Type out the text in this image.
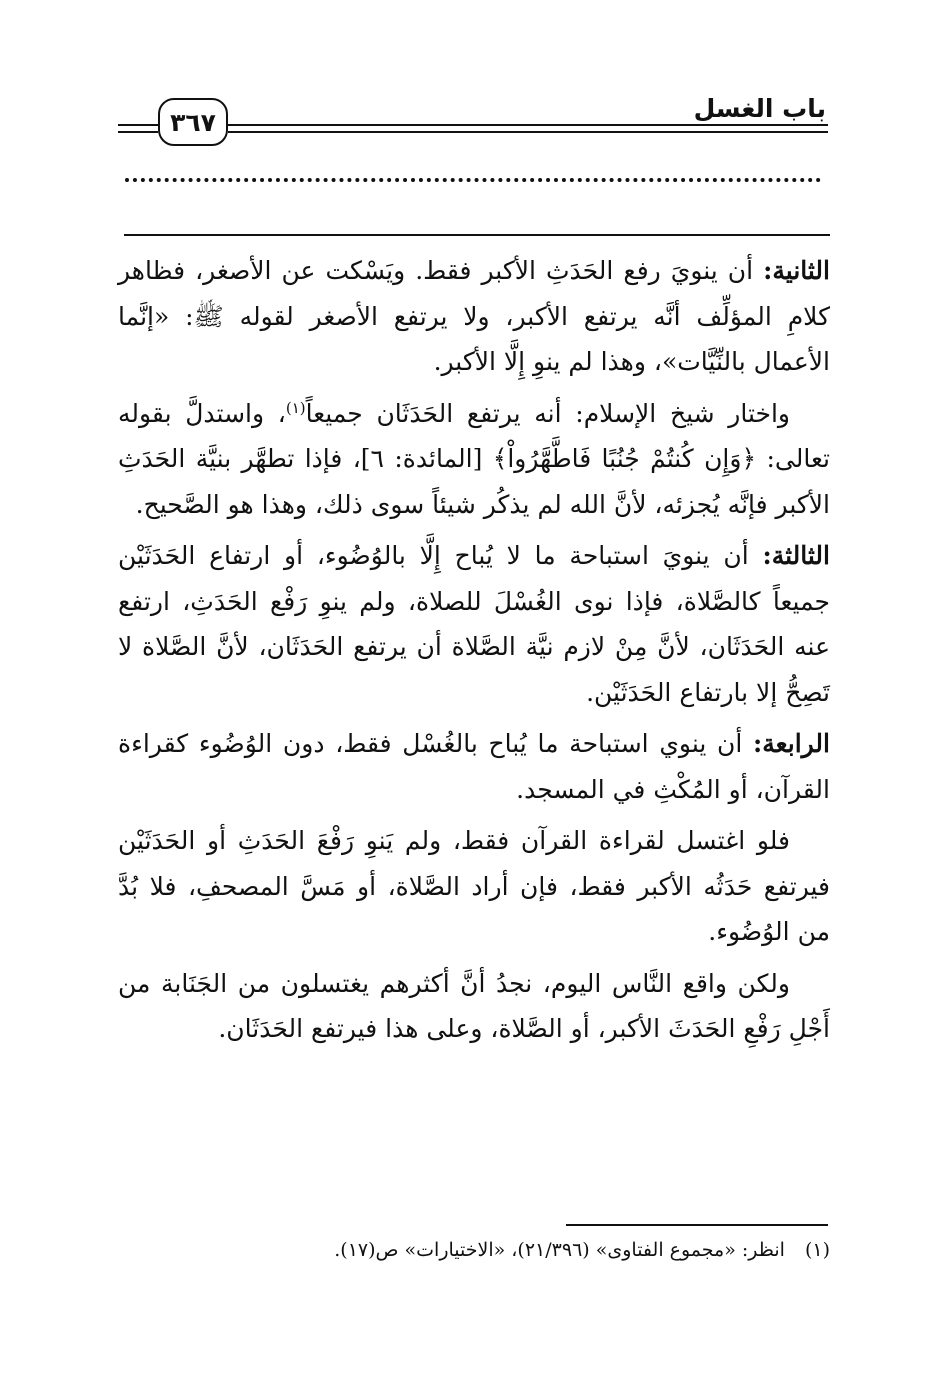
باب الغسل
٣٦٧

الثانية: أن ينويَ رفع الحَدَثِ الأكبر فقط. ويَسْكت عن الأصغر، فظاهر كلامِ المؤلِّف أنَّه يرتفع الأكبر، ولا يرتفع الأصغر لقوله ﷺ: «إنَّما الأعمال بالنِّيَّات»، وهذا لم ينوِ إِلَّا الأكبر.

واختار شيخ الإسلام: أنه يرتفع الحَدَثَان جميعاً$^{(١)}$، واستدلَّ بقوله تعالى: ﴿وَإِن كُنتُمْ جُنُبًا فَاطَّهَّرُواْ﴾ [المائدة: ٦]، فإذا تطهَّر بنيَّة الحَدَثِ الأكبر فإنَّه يُجزئه، لأنَّ الله لم يذكُر شيئاً سوى ذلك، وهذا هو الصَّحيح.

الثالثة: أن ينويَ استباحة ما لا يُباح إِلَّا بالوُضُوء، أو ارتفاع الحَدَثَيْن جميعاً كالصَّلاة، فإذا نوى الغُسْلَ للصلاة، ولم ينوِ رَفْع الحَدَثِ، ارتفع عنه الحَدَثَان، لأنَّ مِنْ لازم نيَّة الصَّلاة أن يرتفع الحَدَثَان، لأنَّ الصَّلاة لا تَصِحُّ إلا بارتفاع الحَدَثَيْن.

الرابعة: أن ينوي استباحة ما يُباح بالغُسْل فقط، دون الوُضُوء كقراءة القرآن، أو المُكْثِ في المسجد.

فلو اغتسل لقراءة القرآن فقط، ولم يَنوِ رَفْعَ الحَدَثِ أو الحَدَثَيْن فيرتفع حَدَثُه الأكبر فقط، فإن أراد الصَّلاة، أو مَسَّ المصحفِ، فلا بُدَّ من الوُضُوء.

ولكن واقع النَّاس اليوم، نجدُ أنَّ أكثرهم يغتسلون من الجَنَابة من أَجْلِ رَفْعِ الحَدَثَ الأكبر، أو الصَّلاة، وعلى هذا فيرتفع الحَدَثَان.

(١)انظر: «مجموع الفتاوى» (٢١/٣٩٦)، «الاختيارات» ص(١٧).
